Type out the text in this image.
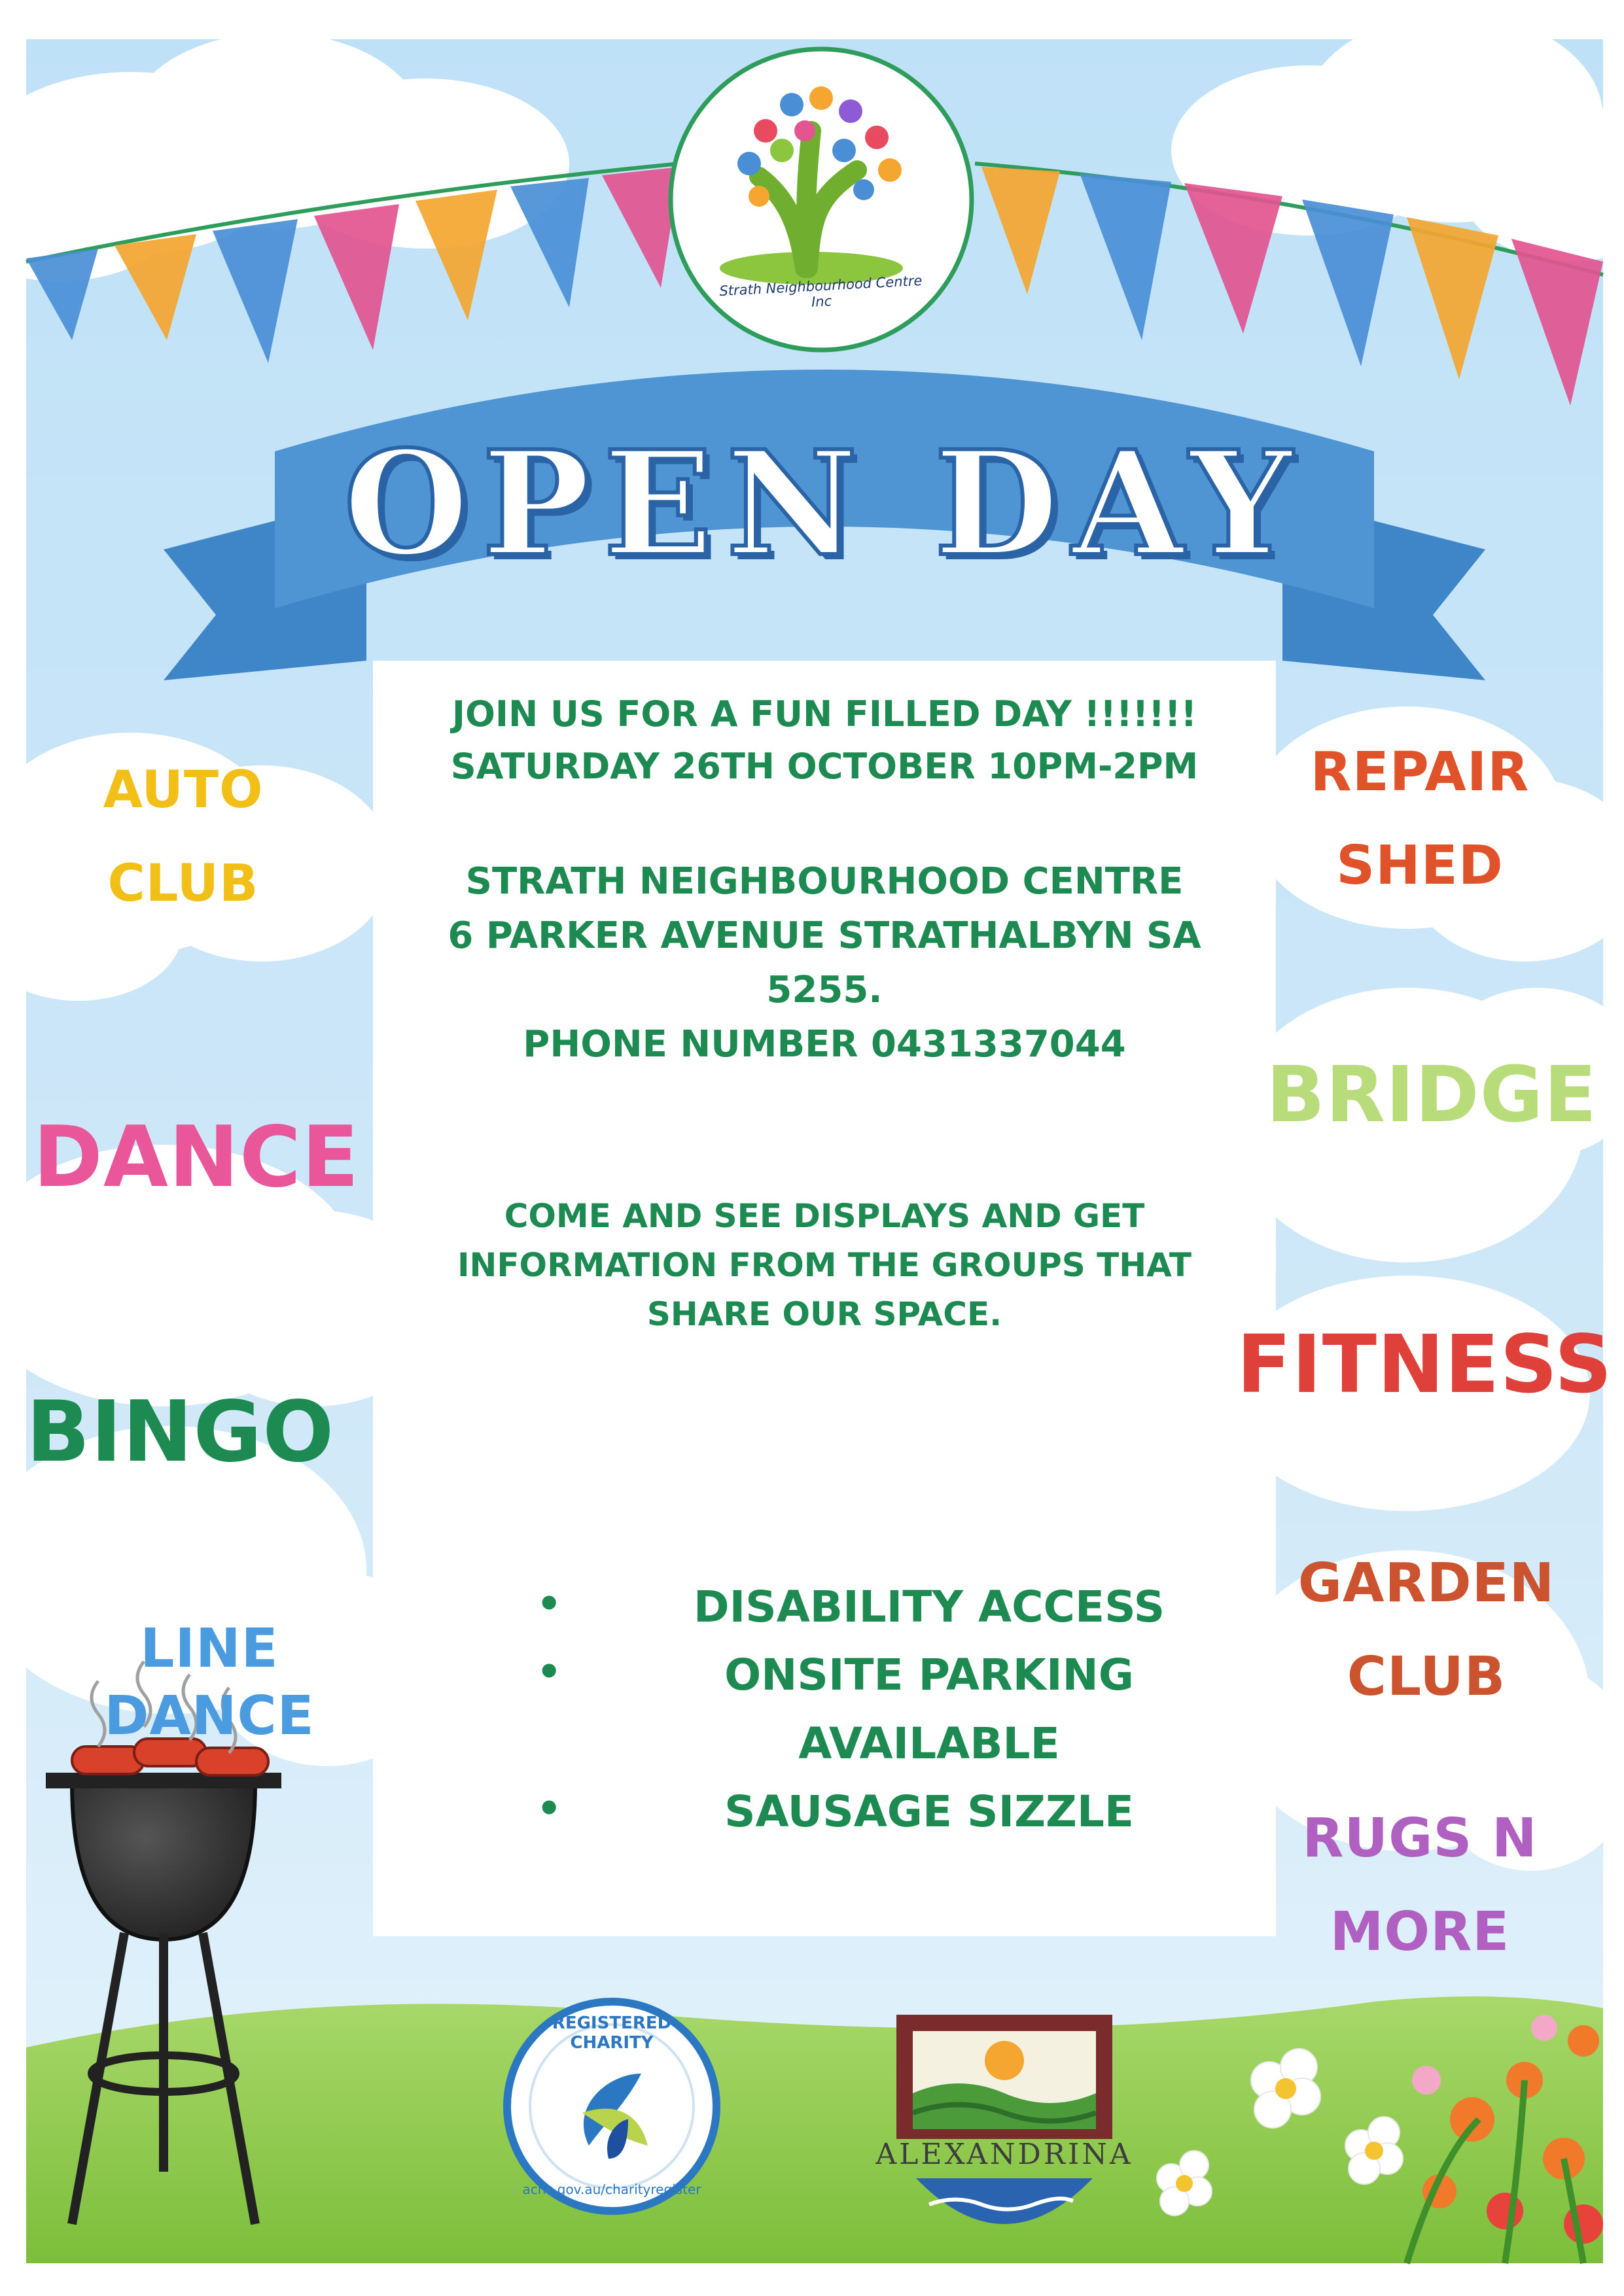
Strath Neighbourhood Centre Inc
OPEN DAY
JOIN US FOR A FUN FILLED DAY !!!!!!!
SATURDAY 26TH OCTOBER 10PM-2PM
STRATH NEIGHBOURHOOD CENTRE
6 PARKER AVENUE STRATHALBYN SA
5255.
PHONE NUMBER 0431337044
COME AND SEE DISPLAYS AND GET
INFORMATION FROM THE GROUPS THAT
SHARE OUR SPACE.
• DISABILITY ACCESS
• ONSITE PARKING AVAILABLE
• SAUSAGE SIZZLE
AUTO
CLUB
DANCE
BINGO
LINE DANCE
REPAIR
SHED
BRIDGE
FITNESS
GARDEN
CLUB
RUGS N
MORE
REGISTERED CHARITY
acnc.gov.au/charityregister
ALEXANDRINA
